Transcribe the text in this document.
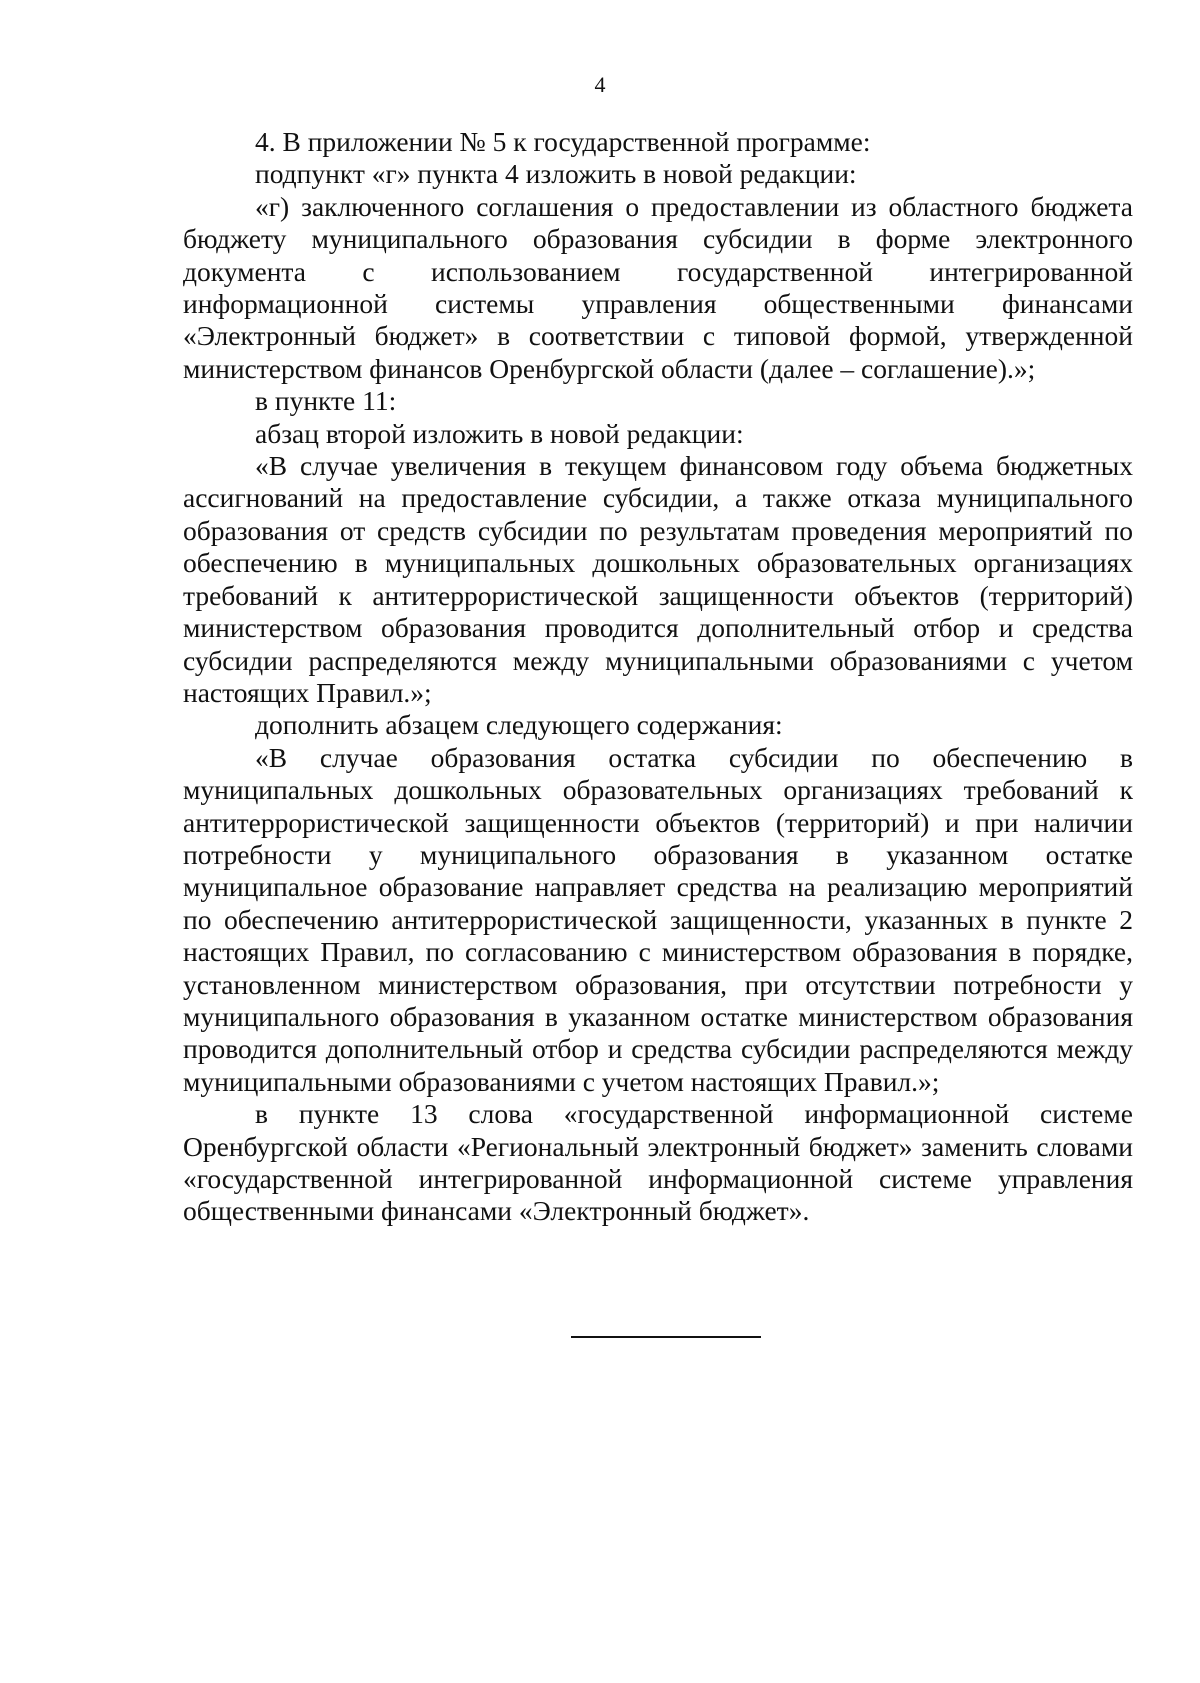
4

4. В приложении № 5 к государственной программе:

подпункт «г» пункта 4 изложить в новой редакции:

«г) заключенного соглашения о предоставлении из областного бюджета бюджету муниципального образования субсидии в форме электронного документа с использованием государственной интегрированной информационной системы управления общественными финансами «Электронный бюджет» в соответствии с типовой формой, утвержденной министерством финансов Оренбургской области (далее – соглашение).»;

в пункте 11:

абзац второй изложить в новой редакции:

«В случае увеличения в текущем финансовом году объема бюджетных ассигнований на предоставление субсидии, а также отказа муниципального образования от средств субсидии по результатам проведения мероприятий по обеспечению в муниципальных дошкольных образовательных организациях требований к антитеррористической защищенности объектов (территорий) министерством образования проводится дополнительный отбор и средства субсидии распределяются между муниципальными образованиями с учетом настоящих Правил.»;

дополнить абзацем следующего содержания:

«В случае образования остатка субсидии по обеспечению в муниципальных дошкольных образовательных организациях требований к антитеррористической защищенности объектов (территорий) и при наличии потребности у муниципального образования в указанном остатке муниципальное образование направляет средства на реализацию мероприятий по обеспечению антитеррористической защищенности, указанных в пункте 2 настоящих Правил, по согласованию с министерством образования в порядке, установленном министерством образования, при отсутствии потребности у муниципального образования в указанном остатке министерством образования проводится дополнительный отбор и средства субсидии распределяются между муниципальными образованиями с учетом настоящих Правил.»;

в пункте 13 слова «государственной информационной системе Оренбургской области «Региональный электронный бюджет» заменить словами «государственной интегрированной информационной системе управления общественными финансами «Электронный бюджет».
